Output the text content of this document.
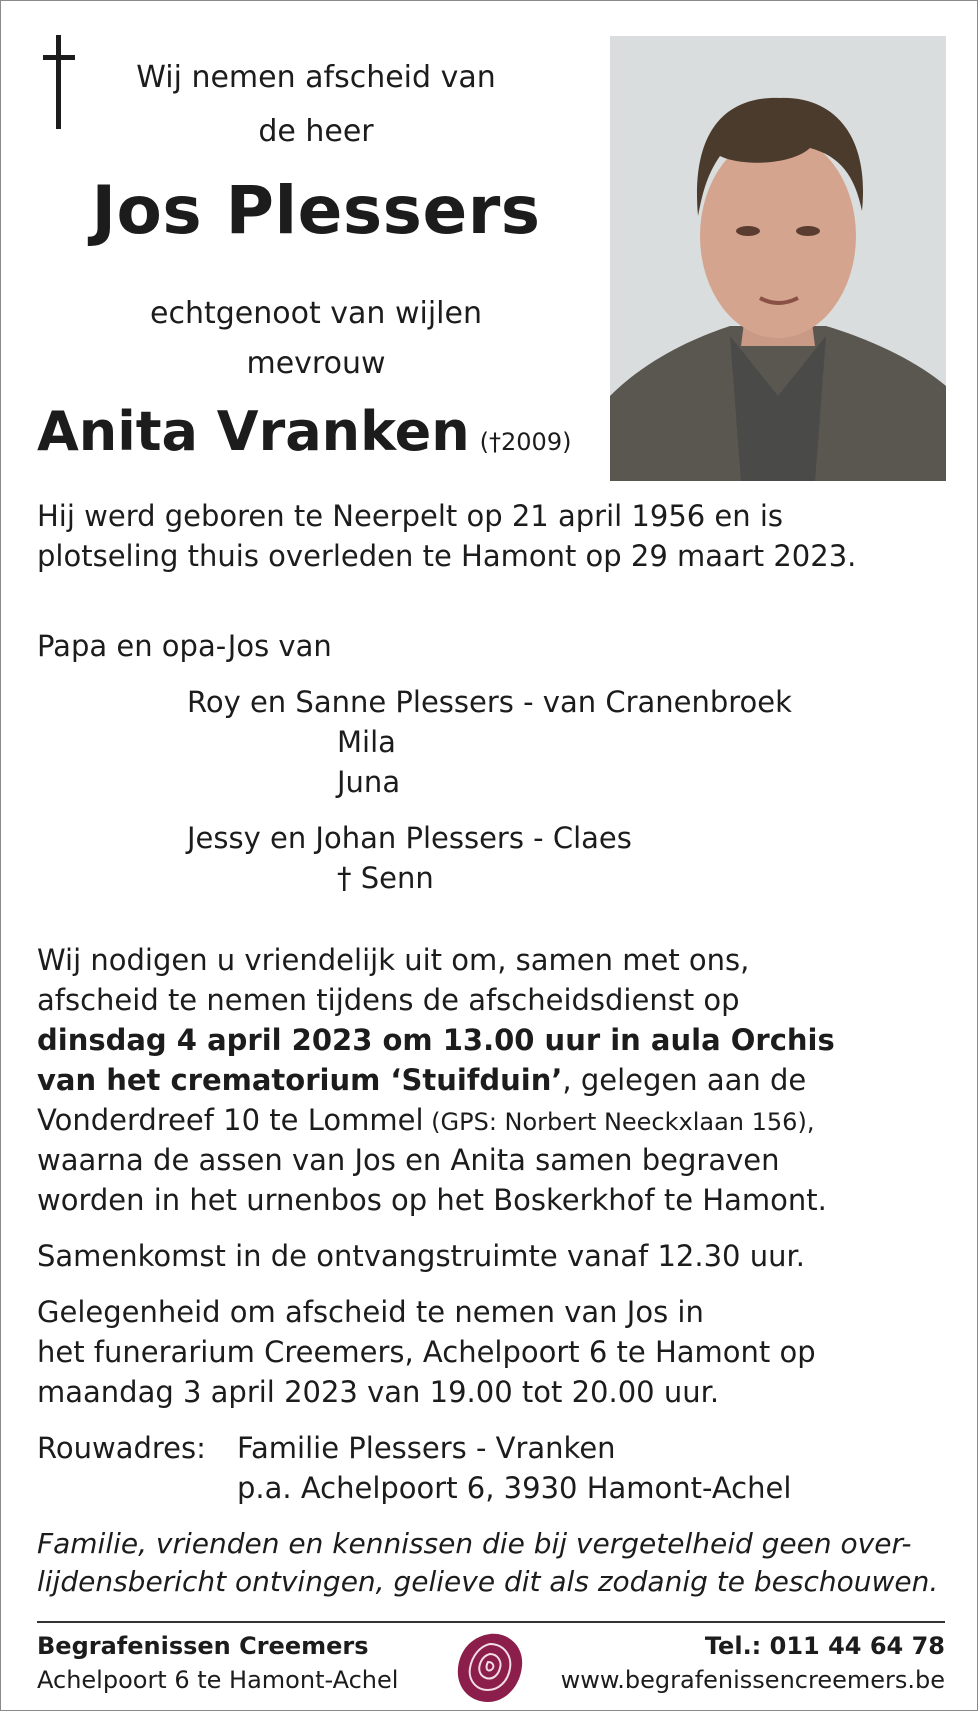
Wij nemen afscheid van
de heer
Jos Plessers
echtgenoot van wijlen
mevrouw
Anita Vranken (†2009)
Hij werd geboren te Neerpelt op 21 april 1956 en is
plotseling thuis overleden te Hamont op 29 maart 2023.
Papa en opa-Jos van
Roy en Sanne Plessers - van Cranenbroek
Mila
Juna
Jessy en Johan Plessers - Claes
† Senn
Wij nodigen u vriendelijk uit om, samen met ons,
afscheid te nemen tijdens de afscheidsdienst op
dinsdag 4 april 2023 om 13.00 uur in aula Orchis
van het crematorium ‘Stuifduin’, gelegen aan de
Vonderdreef 10 te Lommel (GPS: Norbert Neeckxlaan 156),
waarna de assen van Jos en Anita samen begraven
worden in het urnenbos op het Boskerkhof te Hamont.
Samenkomst in de ontvangstruimte vanaf 12.30 uur.
Gelegenheid om afscheid te nemen van Jos in
het funerarium Creemers, Achelpoort 6 te Hamont op
maandag 3 april 2023 van 19.00 tot 20.00 uur.
Rouwadres: Familie Plessers - Vranken
p.a. Achelpoort 6, 3930 Hamont-Achel
Familie, vrienden en kennissen die bij vergetelheid geen over-
lijdensbericht ontvingen, gelieve dit als zodanig te beschouwen.
Begrafenissen Creemers
Achelpoort 6 te Hamont-Achel
Tel.: 011 44 64 78
www.begrafenissencreemers.be
